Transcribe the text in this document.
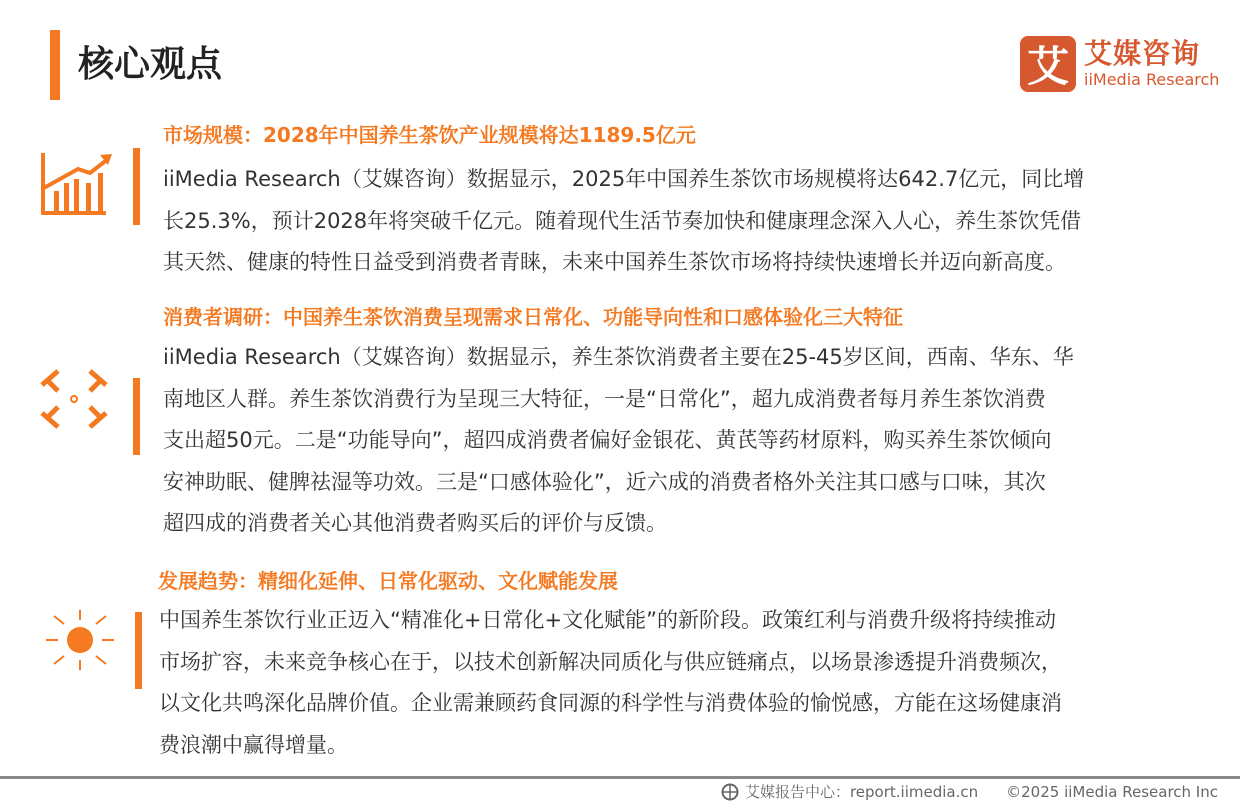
核心观点	艾 艾媒咨询
iiMedia Research
市场规模：2028年中国养生茶饮产业规模将达1189.5亿元
iiMedia Research（艾媒咨询）数据显示，2025年中国养生茶饮市场规模将达642.7亿元，同比增
长25.3%，预计2028年将突破千亿元。随着现代生活节奏加快和健康理念深入人心，养生茶饮凭借
其天然、健康的特性日益受到消费者青睐，未来中国养生茶饮市场将持续快速增长并迈向新高度。
消费者调研：中国养生茶饮消费呈现需求日常化、功能导向性和口感体验化三大特征
iiMedia Research（艾媒咨询）数据显示，养生茶饮消费者主要在25-45岁区间，西南、华东、华
南地区人群。养生茶饮消费行为呈现三大特征，一是“日常化”，超九成消费者每月养生茶饮消费
支出超50元。二是“功能导向”，超四成消费者偏好金银花、黄芪等药材原料，购买养生茶饮倾向
安神助眠、健脾祛湿等功效。三是“口感体验化”，近六成的消费者格外关注其口感与口味，其次
超四成的消费者关心其他消费者购买后的评价与反馈。
发展趋势：精细化延伸、日常化驱动、文化赋能发展
中国养生茶饮行业正迈入“精准化+日常化+文化赋能”的新阶段。政策红利与消费升级将持续推动
市场扩容，未来竞争核心在于，以技术创新解决同质化与供应链痛点，以场景渗透提升消费频次，
以文化共鸣深化品牌价值。企业需兼顾药食同源的科学性与消费体验的愉悦感，方能在这场健康消
费浪潮中赢得增量。
艾媒报告中心：report.iimedia.cn ©2025 iiMedia Research Inc
